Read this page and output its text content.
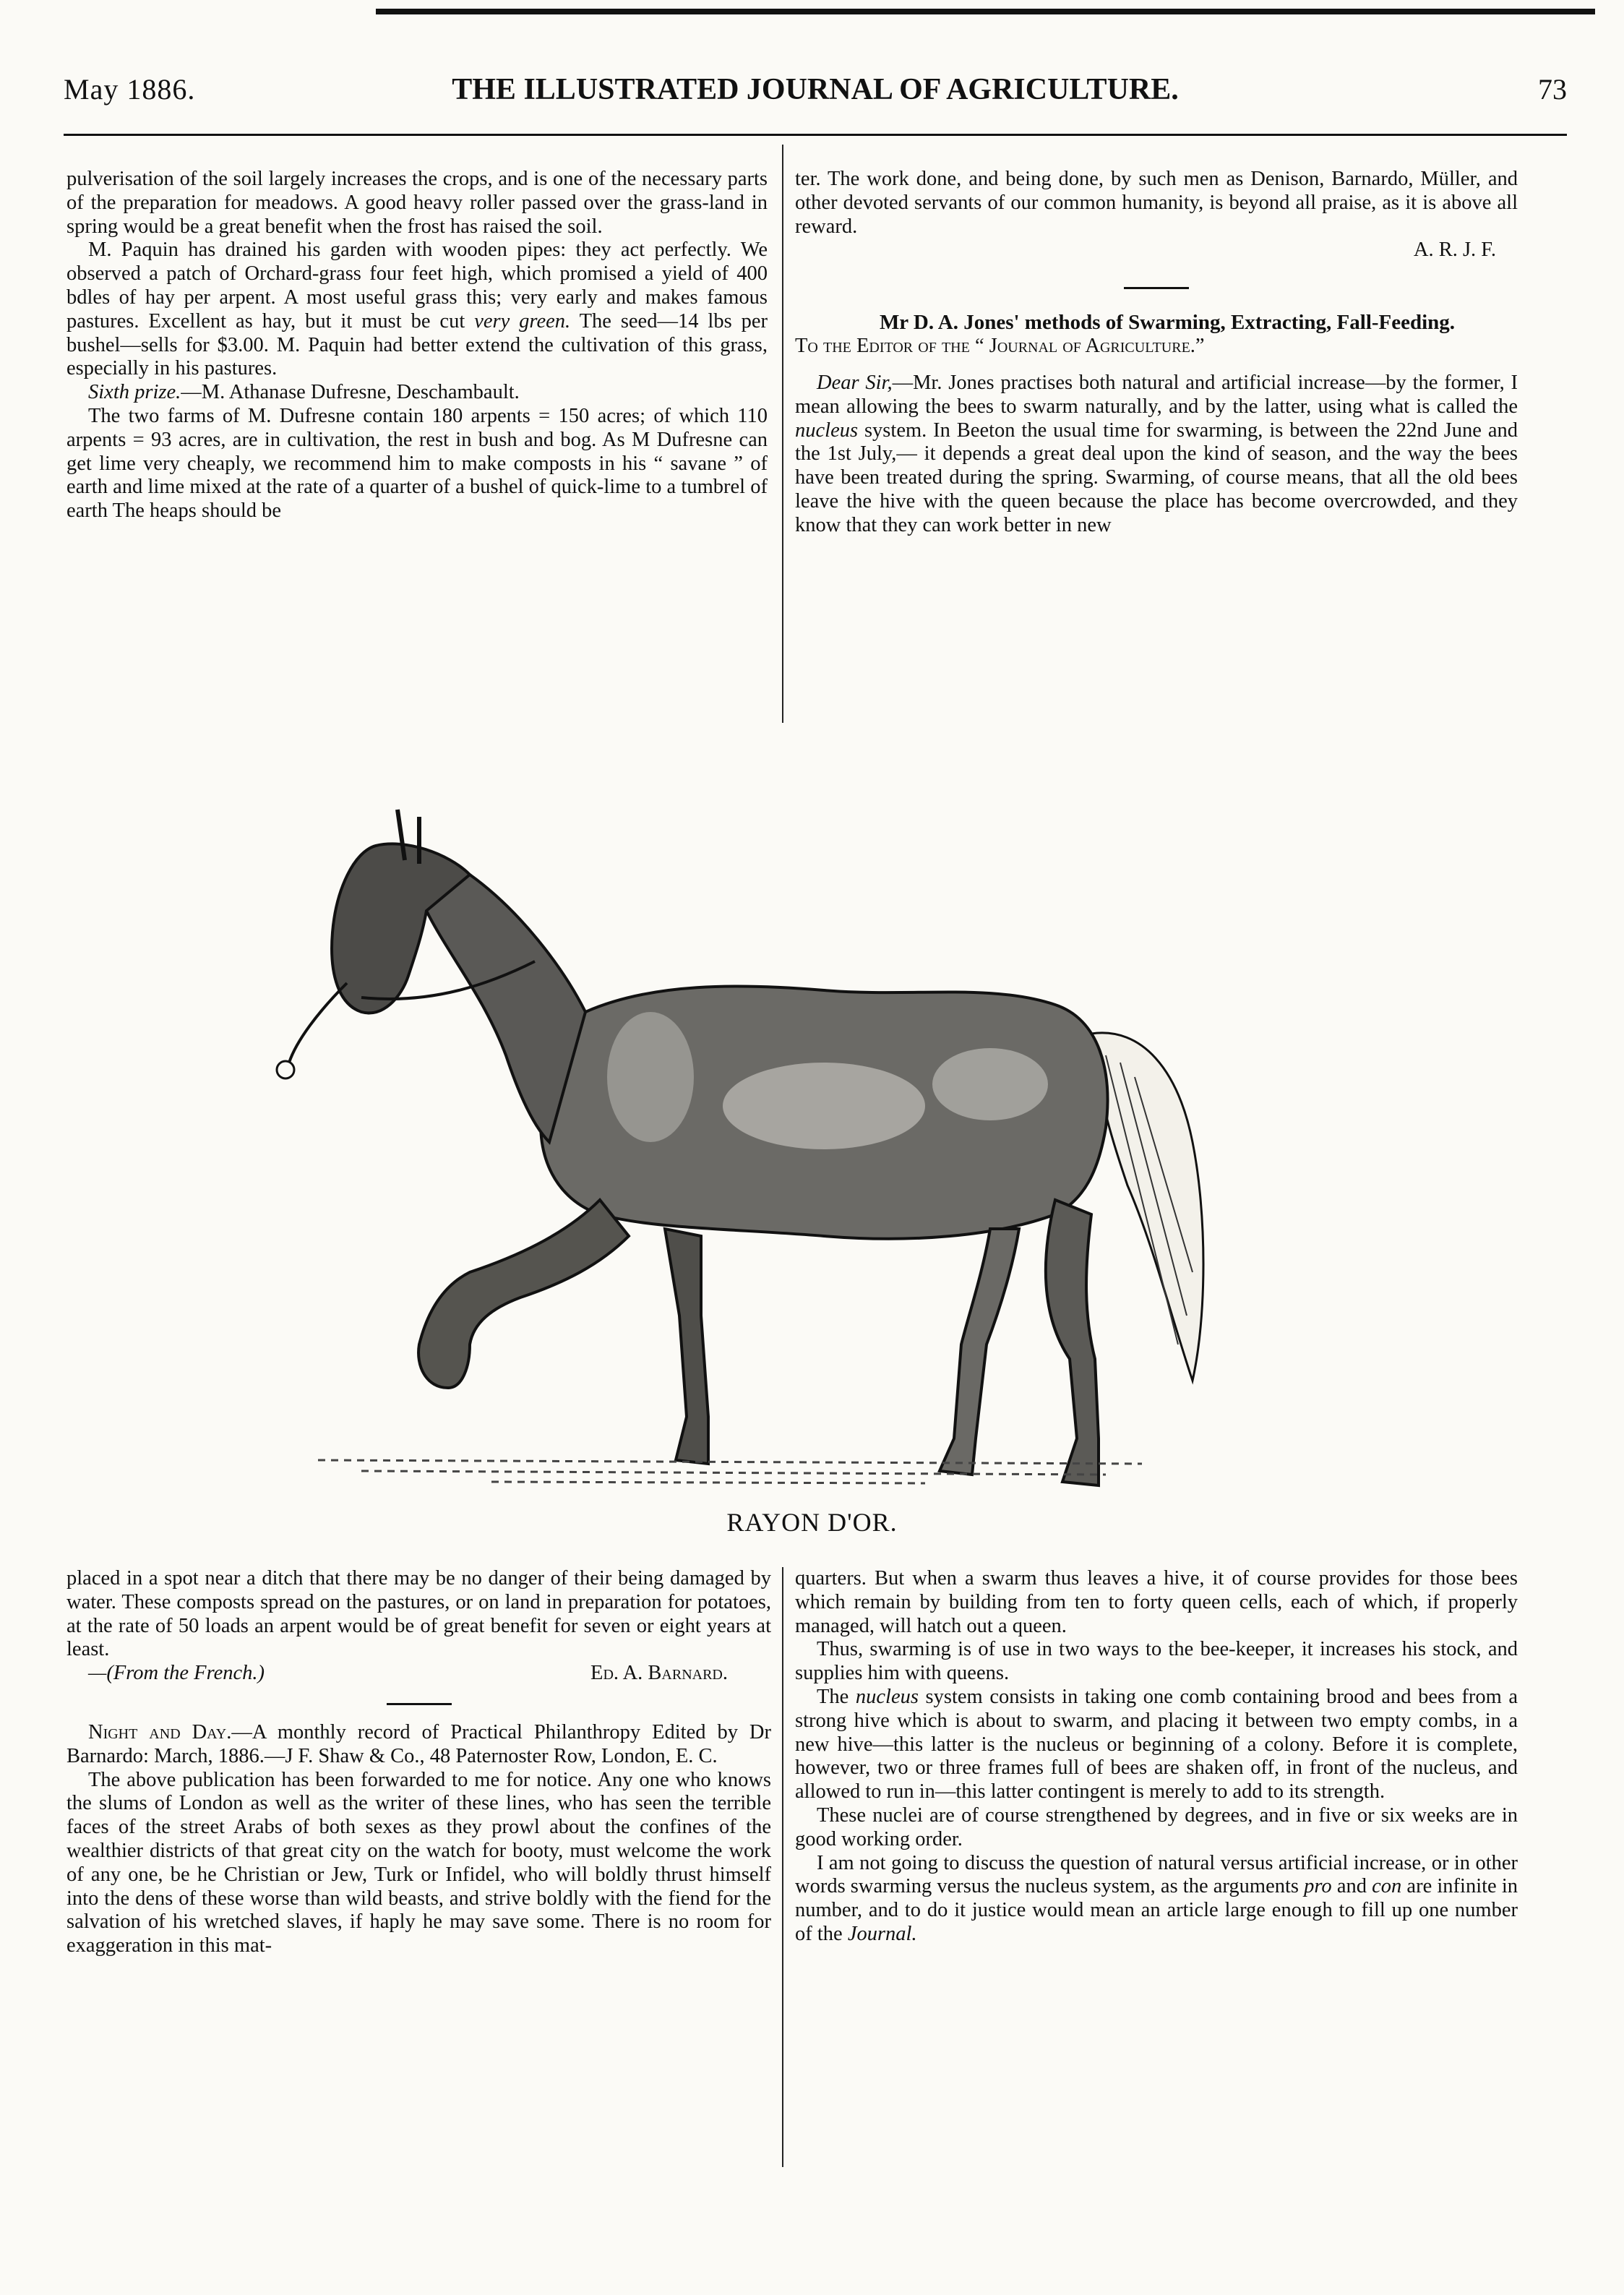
May 1886.	THE ILLUSTRATED JOURNAL OF AGRICULTURE.	73

pulverisation of the soil largely increases the crops, and is one of the necessary parts of the preparation for meadows. A good heavy roller passed over the grass-land in spring would be a great benefit when the frost has raised the soil.

M. Paquin has drained his garden with wooden pipes: they act perfectly. We observed a patch of Orchard-grass four feet high, which promised a yield of 400 bdles of hay per arpent. A most useful grass this; very early and makes famous pastures. Excellent as hay, but it must be cut very green. The seed—14 lbs per bushel—sells for $3.00. M. Paquin had better extend the cultivation of this grass, especially in his pastures.

Sixth prize.—M. Athanase Dufresne, Deschambault.

The two farms of M. Dufresne contain 180 arpents = 150 acres; of which 110 arpents = 93 acres, are in cultivation, the rest in bush and bog. As M Dufresne can get lime very cheaply, we recommend him to make composts in his “ savane ” of earth and lime mixed at the rate of a quarter of a bushel of quick-lime to a tumbrel of earth The heaps should be

ter. The work done, and being done, by such men as Denison, Barnardo, Müller, and other devoted servants of our common humanity, is beyond all praise, as it is above all reward.

A. R. J. F.

Mr D. A. Jones' methods of Swarming, Extracting, Fall-Feeding.

To the Editor of the “ Journal of Agriculture.”

Dear Sir,—Mr. Jones practises both natural and artificial increase—by the former, I mean allowing the bees to swarm naturally, and by the latter, using what is called the nucleus system. In Beeton the usual time for swarming, is between the 22nd June and the 1st July,— it depends a great deal upon the kind of season, and the way the bees have been treated during the spring. Swarming, of course means, that all the old bees leave the hive with the queen because the place has become overcrowded, and they know that they can work better in new

RAYON D'OR.

placed in a spot near a ditch that there may be no danger of their being damaged by water. These composts spread on the pastures, or on land in preparation for potatoes, at the rate of 50 loads an arpent would be of great benefit for seven or eight years at least.

—(From the French.)	Ed. A. Barnard.

Night and Day.—A monthly record of Practical Philanthropy Edited by Dr Barnardo: March, 1886.—J F. Shaw & Co., 48 Paternoster Row, London, E. C.

The above publication has been forwarded to me for notice. Any one who knows the slums of London as well as the writer of these lines, who has seen the terrible faces of the street Arabs of both sexes as they prowl about the confines of the wealthier districts of that great city on the watch for booty, must welcome the work of any one, be he Christian or Jew, Turk or Infidel, who will boldly thrust himself into the dens of these worse than wild beasts, and strive boldly with the fiend for the salvation of his wretched slaves, if haply he may save some. There is no room for exaggeration in this mat-

quarters. But when a swarm thus leaves a hive, it of course provides for those bees which remain by building from ten to forty queen cells, each of which, if properly managed, will hatch out a queen.

Thus, swarming is of use in two ways to the bee-keeper, it increases his stock, and supplies him with queens.

The nucleus system consists in taking one comb containing brood and bees from a strong hive which is about to swarm, and placing it between two empty combs, in a new hive—this latter is the nucleus or beginning of a colony. Before it is complete, however, two or three frames full of bees are shaken off, in front of the nucleus, and allowed to run in—this latter contingent is merely to add to its strength.

These nuclei are of course strengthened by degrees, and in five or six weeks are in good working order.

I am not going to discuss the question of natural versus artificial increase, or in other words swarming versus the nucleus system, as the arguments pro and con are infinite in number, and to do it justice would mean an article large enough to fill up one number of the Journal.
